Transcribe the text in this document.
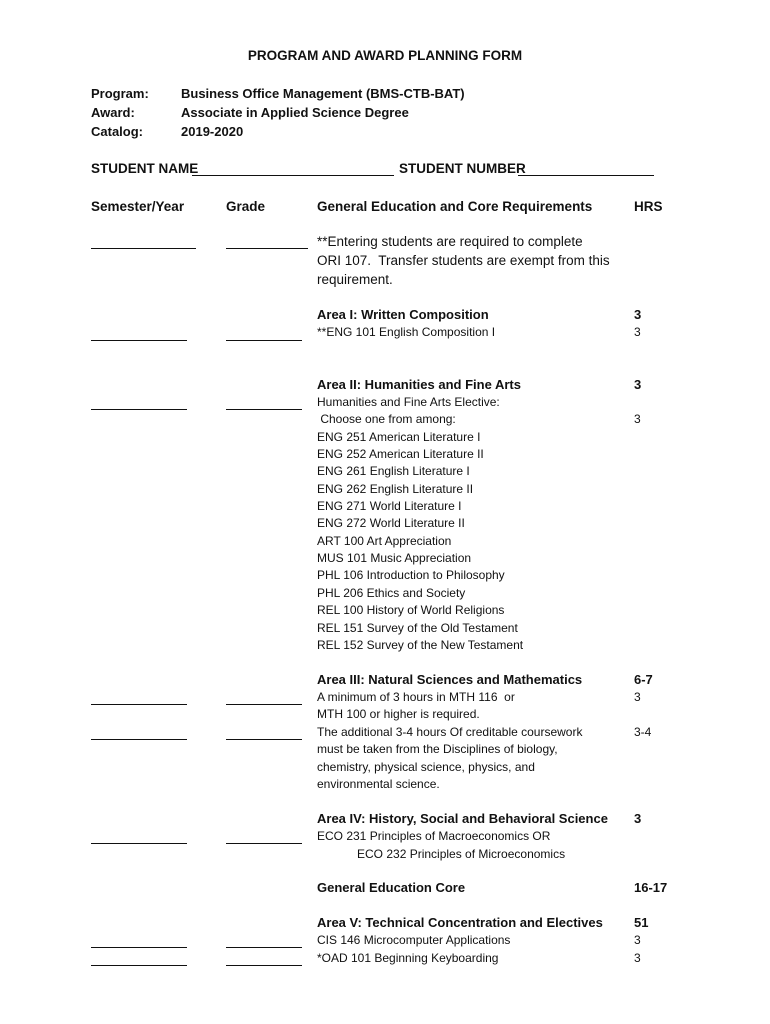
PROGRAM AND AWARD PLANNING FORM
Program: Business Office Management (BMS-CTB-BAT)
Award:	Associate in Applied Science Degree
Catalog:	2019-2020
STUDENT NAME	STUDENT NUMBER
Semester/Year	Grade	General Education and Core Requirements	HRS
**Entering students are required to complete
ORI 107.  Transfer students are exempt from this
requirement.
Area I: Written Composition	3
**ENG 101 English Composition I	3
Area II: Humanities and Fine Arts	3
Humanities and Fine Arts Elective:
Choose one from among:	3
ENG 251 American Literature I
ENG 252 American Literature II
ENG 261 English Literature I
ENG 262 English Literature II
ENG 271 World Literature I
ENG 272 World Literature II
ART 100 Art Appreciation
MUS 101 Music Appreciation
PHL 106 Introduction to Philosophy
PHL 206 Ethics and Society
REL 100 History of World Religions
REL 151 Survey of the Old Testament
REL 152 Survey of the New Testament
Area III: Natural Sciences and Mathematics	6-7
A minimum of 3 hours in MTH 116  or	3
MTH 100 or higher is required.
The additional 3-4 hours Of creditable coursework	3-4
must be taken from the Disciplines of biology,
chemistry, physical science, physics, and
environmental science.
Area IV: History, Social and Behavioral Science 3
ECO 231 Principles of Macroeconomics OR
ECO 232 Principles of Microeconomics
General Education Core	16-17
Area V: Technical Concentration and Electives 51
CIS 146 Microcomputer Applications	3
*OAD 101 Beginning Keyboarding	3
